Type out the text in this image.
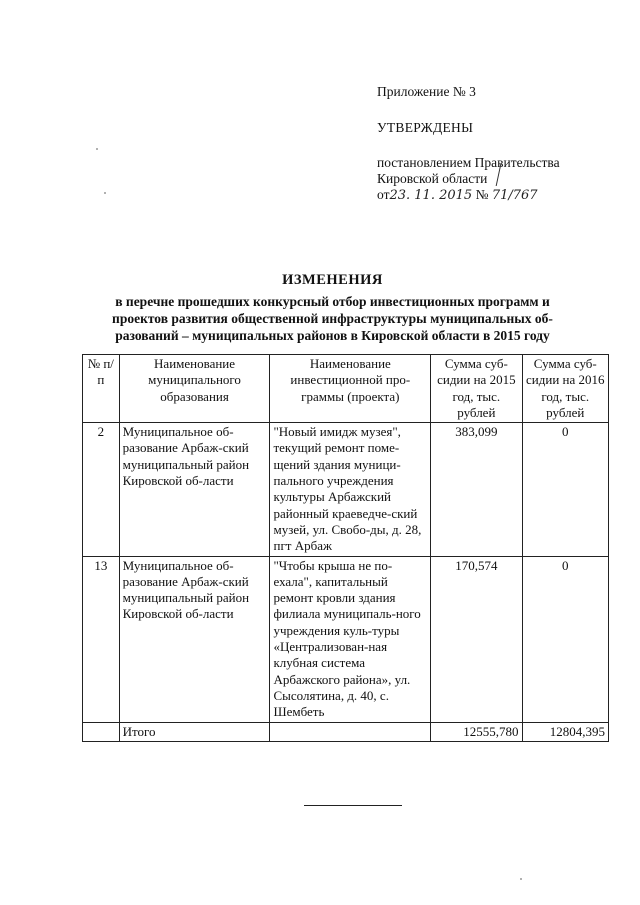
Приложение № 3

УТВЕРЖДЕНЫ

постановлением Правительства

Кировской области

от23. 11. 2015 № 71/767

ИЗМЕНЕНИЯ

в перечне прошедших конкурсный отбор инвестиционных программ и

проектов развития общественной инфраструктуры муниципальных об-

разований – муниципальных районов в Кировской области в 2015 году

№ п/п	Наименование муниципального образования	Наименование инвестиционной про-граммы (проекта)	Сумма суб-сидии на 2015 год, тыс. рублей	Сумма суб-сидии на 2016 год, тыс. рублей
2	Муниципальное об-разование Арбаж-ский муниципальный район Кировской об-ласти	"Новый имидж музея", текущий ремонт поме-щений здания муници-пального учреждения культуры Арбажский районный краеведче-ский музей, ул. Свобо-ды, д. 28, пгт Арбаж	383,099	0
13	Муниципальное об-разование Арбаж-ский муниципальный район Кировской об-ласти	"Чтобы крыша не по-ехала", капитальный ремонт кровли здания филиала муниципаль-ного учреждения куль-туры «Централизован-ная клубная система Арбажского района», ул. Сысолятина, д. 40, с. Шембеть	170,574	0
	Итого		12555,780	12804,395
